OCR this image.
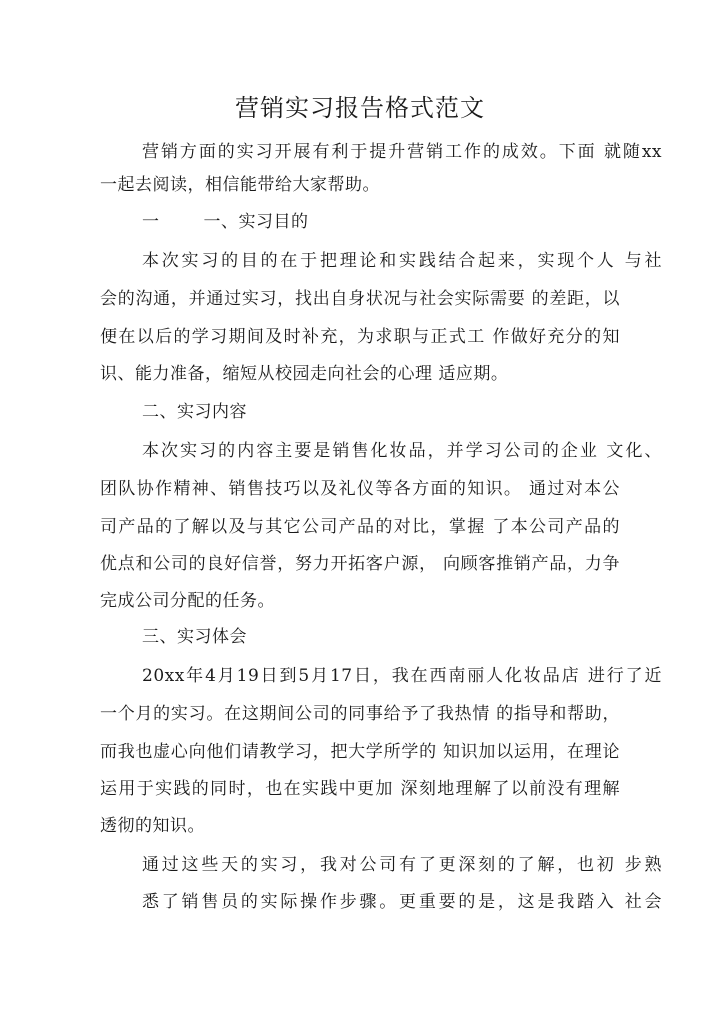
营销实习报告格式范文
营销方面的实习开展有利于提升营销工作的成效。下面 就随xx
一起去阅读，相信能带给大家帮助。
一	一、实习目的
本次实习的目的在于把理论和实践结合起来，实现个人 与社
会的沟通，并通过实习，找出自身状况与社会实际需要 的差距，以
便在以后的学习期间及时补充，为求职与正式工 作做好充分的知
识、能力准备，缩短从校园走向社会的心理 适应期。
二、实习内容
本次实习的内容主要是销售化妆品，并学习公司的企业 文化、
团队协作精神、销售技巧以及礼仪等各方面的知识。 通过对本公
司产品的了解以及与其它公司产品的对比，掌握 了本公司产品的
优点和公司的良好信誉，努力开拓客户源， 向顾客推销产品，力争
完成公司分配的任务。
三、实习体会
20xx年4月19日到5月17日，我在西南丽人化妆品店 进行了近
一个月的实习。在这期间公司的同事给予了我热情 的指导和帮助，
而我也虚心向他们请教学习，把大学所学的 知识加以运用，在理论
运用于实践的同时，也在实践中更加 深刻地理解了以前没有理解
透彻的知识。
通过这些天的实习，我对公司有了更深刻的了解，也初 步熟
悉了销售员的实际操作步骤。更重要的是，这是我踏入 社会
